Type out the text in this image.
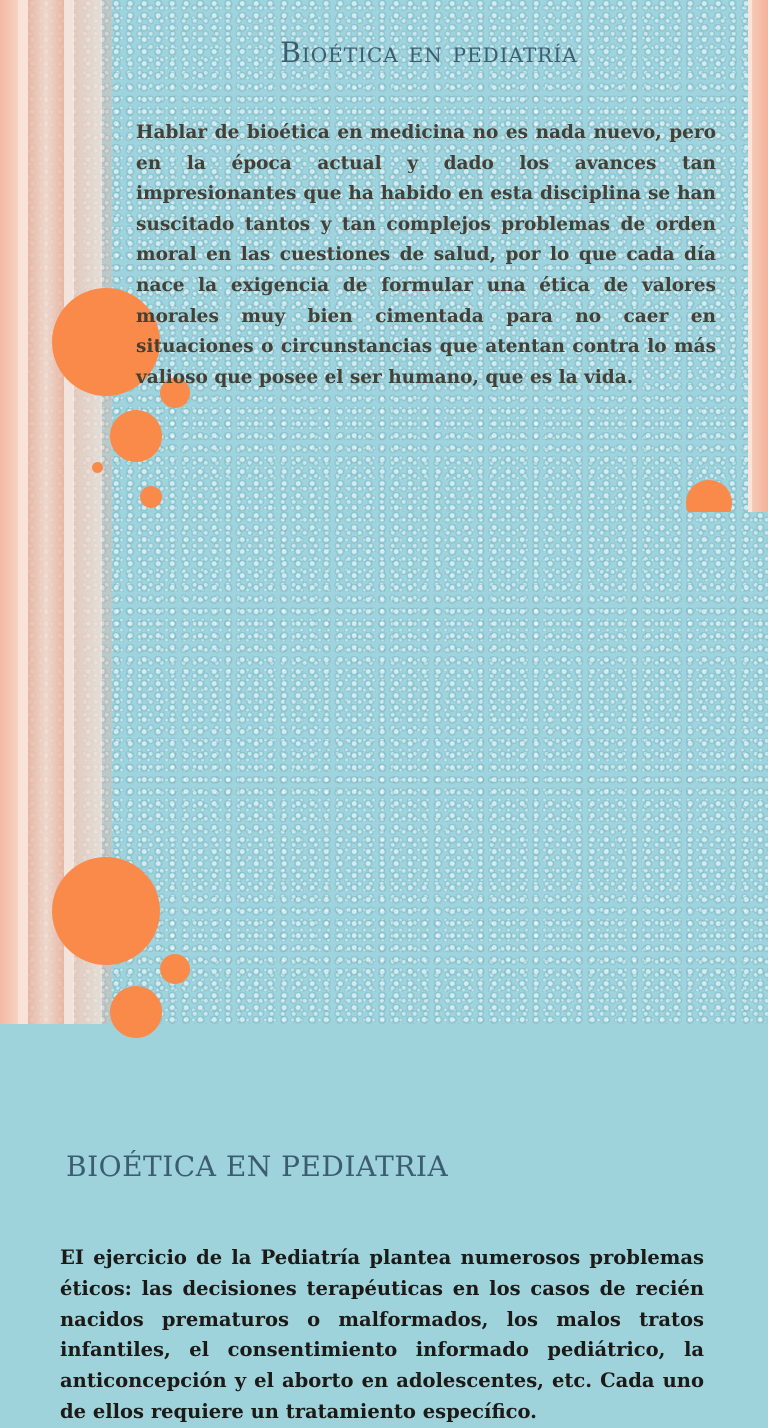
Bioética en pediatría

Hablar de bioética en medicina no es nada nuevo, pero en la época actual y dado los avances tan impresionantes que ha habido en esta disciplina se han suscitado tantos y tan complejos problemas de orden moral en las cuestiones de salud, por lo que cada día nace la exigencia de formular una ética de valores morales muy bien cimentada para no caer en situaciones o circunstancias que atentan contra lo más valioso que posee el ser humano, que es la vida.

BIOÉTICA EN PEDIATRIA

EI ejercicio de la Pediatría plantea numerosos problemas éticos: las decisiones terapéuticas en los casos de recién nacidos prematuros o malformados, los malos tratos infantiles, el consentimiento informado pediátrico, la anticoncepción y el aborto en adolescentes, etc. Cada uno de ellos requiere un tratamiento específico.
